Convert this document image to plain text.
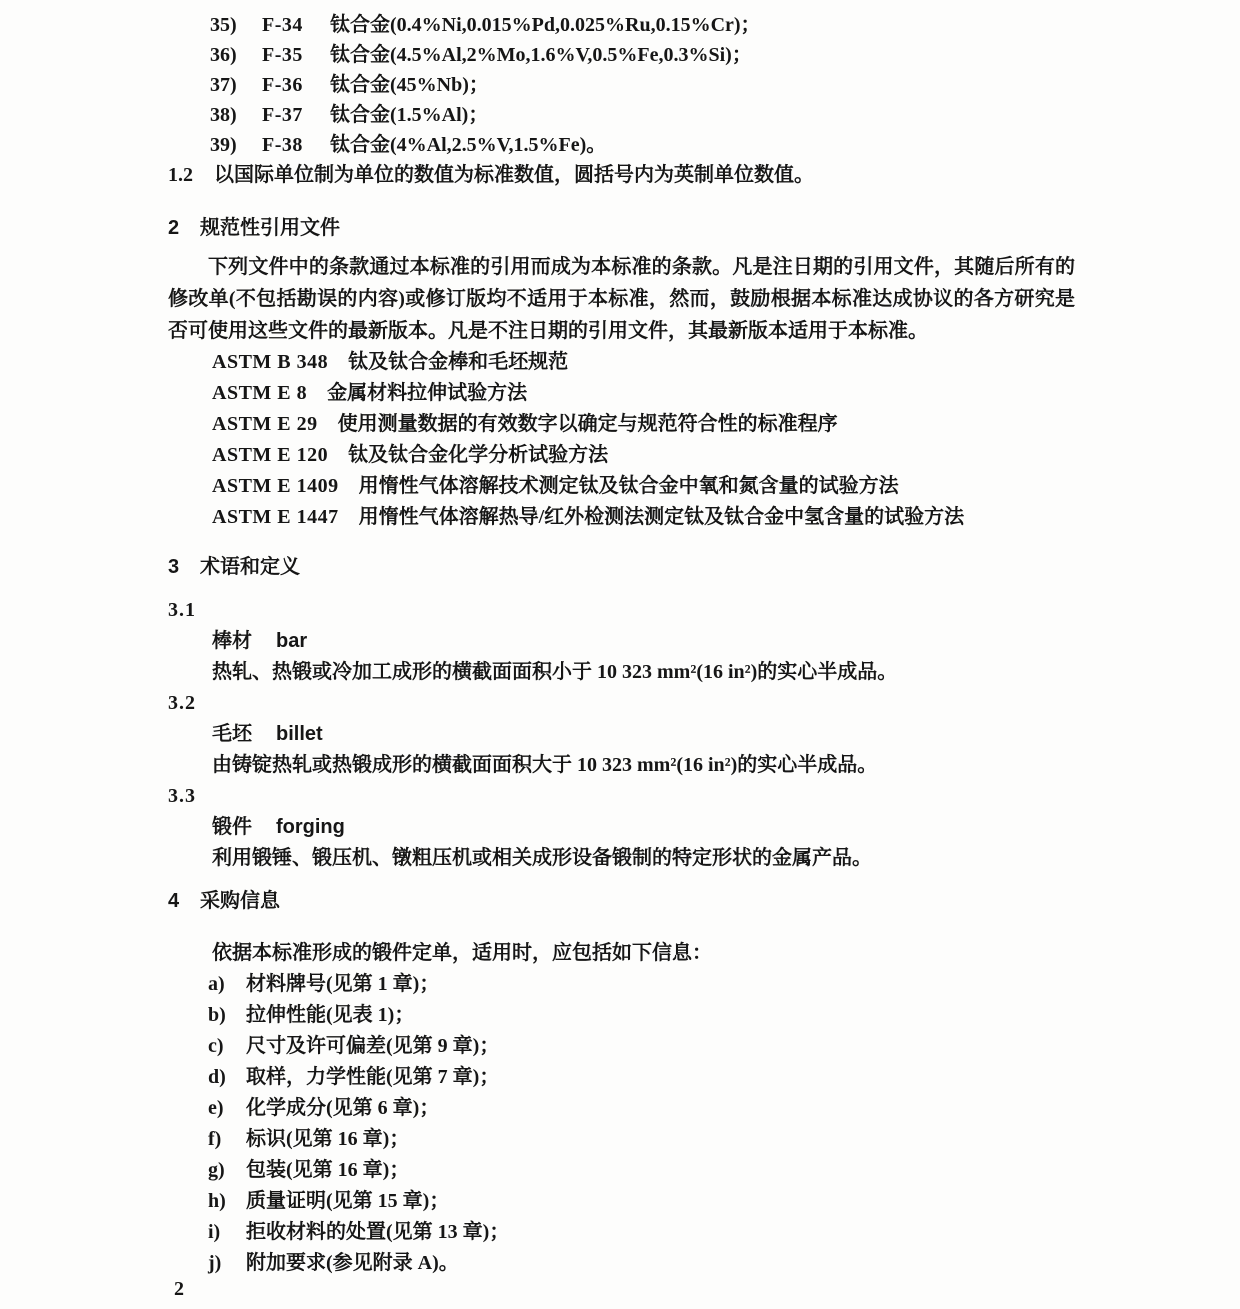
35)	F-34	钛合金(0.4%Ni,0.015%Pd,0.025%Ru,0.15%Cr)；
36)	F-35	钛合金(4.5%Al,2%Mo,1.6%V,0.5%Fe,0.3%Si)；
37)	F-36	钛合金(45%Nb)；
38)	F-37	钛合金(1.5%Al)；
39)	F-38	钛合金(4%Al,2.5%V,1.5%Fe)。
1.2	以国际单位制为单位的数值为标准数值，圆括号内为英制单位数值。
2	规范性引用文件

下列文件中的条款通过本标准的引用而成为本标准的条款。凡是注日期的引用文件，其随后所有的修改单(不包括勘误的内容)或修订版均不适用于本标准，然而，鼓励根据本标准达成协议的各方研究是否可使用这些文件的最新版本。凡是不注日期的引用文件，其最新版本适用于本标准。

ASTM B 348 钛及钛合金棒和毛坯规范
ASTM E 8 金属材料拉伸试验方法
ASTM E 29 使用测量数据的有效数字以确定与规范符合性的标准程序
ASTM E 120 钛及钛合金化学分析试验方法
ASTM E 1409 用惰性气体溶解技术测定钛及钛合金中氧和氮含量的试验方法
ASTM E 1447 用惰性气体溶解热导/红外检测法测定钛及钛合金中氢含量的试验方法
3	术语和定义
3.1
棒材 bar
热轧、热锻或冷加工成形的横截面面积小于 10 323 mm²(16 in²)的实心半成品。
3.2
毛坯 billet
由铸锭热轧或热锻成形的横截面面积大于 10 323 mm²(16 in²)的实心半成品。
3.3
锻件 forging
利用锻锤、锻压机、镦粗压机或相关成形设备锻制的特定形状的金属产品。
4	采购信息

依据本标准形成的锻件定单，适用时，应包括如下信息：

a)	材料牌号(见第 1 章)；
b)	拉伸性能(见表 1)；
c)	尺寸及许可偏差(见第 9 章)；
d)	取样，力学性能(见第 7 章)；
e)	化学成分(见第 6 章)；
f)	标识(见第 16 章)；
g)	包装(见第 16 章)；
h)	质量证明(见第 15 章)；
i)	拒收材料的处置(见第 13 章)；
j)	附加要求(参见附录 A)。
2
